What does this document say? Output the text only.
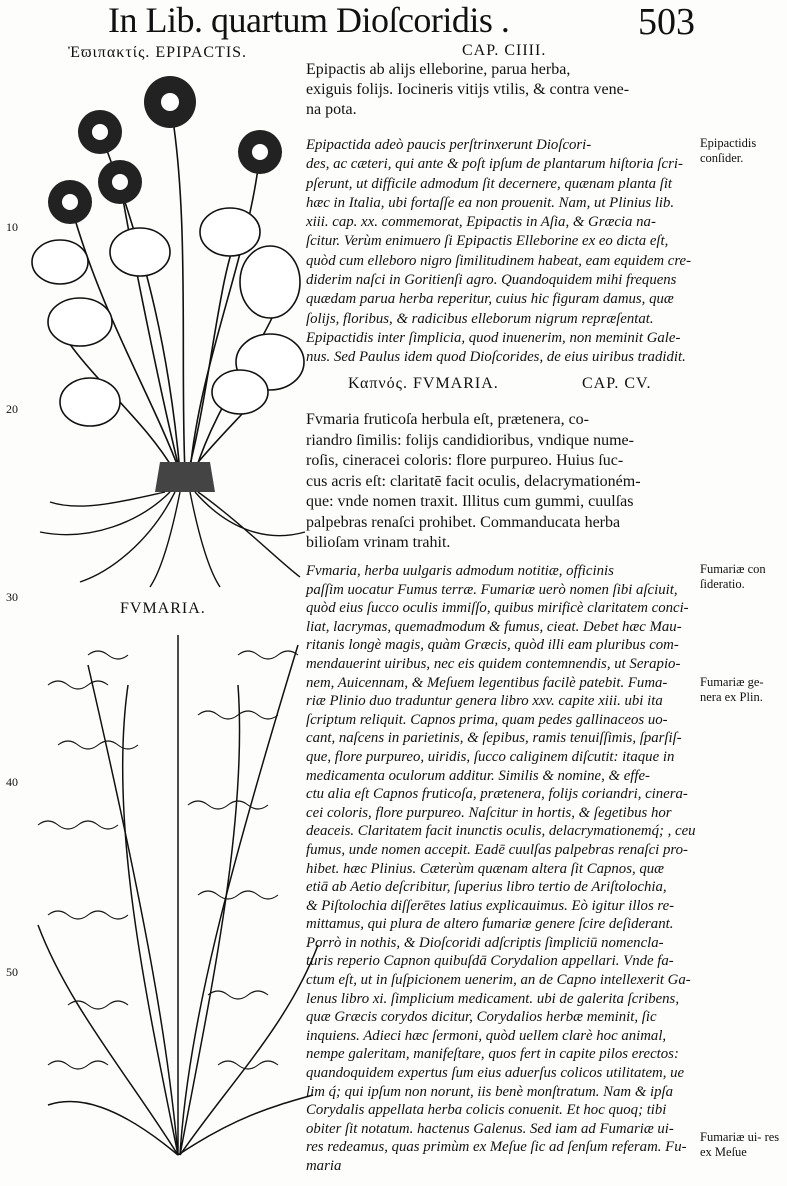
In Lib. quartum Dioſcoridis .	503
Ἐϖιπακτίς. EPIPACTIS.
FVMARIA.
10
20
30
40
50
CAP. CIIII.
Epipactis ab alijs elleborine, parua herba,
exiguis folijs. Iocineris vitijs vtilis, & contra vene-
na pota.
Epipactida adeò paucis perſtrinxerunt Dioſcori-
des, ac cæteri, qui ante & poſt ipſum de plantarum hiſtoria ſcri-
pſerunt, ut difficile admodum ſit decernere, quænam planta ſit
hæc in Italia, ubi fortaſſe ea non prouenit. Nam, ut Plinius lib.
xiii. cap. xx. commemorat, Epipactis in Aſia, & Græcia na-
ſcitur. Verùm enimuero ſi Epipactis Elleborine ex eo dicta eſt,
quòd cum elleboro nigro ſimilitudinem habeat, eam equidem cre-
diderim naſci in Goritienſi agro. Quandoquidem mihi frequens
quædam parua herba reperitur, cuius hic figuram damus, quæ
ſolijs, floribus, & radicibus elleborum nigrum repræſentat.
Epipactidis inter ſimplicia, quod inuenerim, non meminit Gale-
nus. Sed Paulus idem quod Dioſcorides, de eius uiribus tradidit.
Καπνός. FVMARIA.	CAP. CV.
Fvmaria fruticoſa herbula eſt, prætenera, co-
riandro ſimilis: folijs candidioribus, vndique nume-
roſis, cineracei coloris: flore purpureo. Huius ſuc-
cus acris eſt: claritatē facit oculis, delacrymationém-
que: vnde nomen traxit. Illitus cum gummi, cuulſas
palpebras renaſci prohibet. Commanducata herba
bilioſam vrinam trahit.
Fvmaria, herba uulgaris admodum notitiæ, officinis
paſſim uocatur Fumus terræ. Fumariæ uerò nomen ſibi aſciuit,
quòd eius ſucco oculis immiſſo, quibus mirificè claritatem conci-
liat, lacrymas, quemadmodum & fumus, cieat. Debet hæc Mau-
ritanis longè magis, quàm Græcis, quòd illi eam pluribus com-
mendauerint uiribus, nec eis quidem contemnendis, ut Serapio-
nem, Auicennam, & Meſuem legentibus facilè patebit. Fuma-
riæ Plinio duo traduntur genera libro xxv. capite xiii. ubi ita
ſcriptum reliquit. Capnos prima, quam pedes gallinaceos uo-
cant, naſcens in parietinis, & ſepibus, ramis tenuiſſimis, ſparſiſ-
que, flore purpureo, uiridis, ſucco caliginem diſcutit: itaque in
medicamenta oculorum additur. Similis & nomine, & effe-
ctu alia eſt Capnos fruticoſa, prætenera, folijs coriandri, cinera-
cei coloris, flore purpureo. Naſcitur in hortis, & ſegetibus hor
deaceis. Claritatem facit inunctis oculis, delacrymationemq́; , ceu
fumus, unde nomen accepit. Eadē cuulſas palpebras renaſci pro-
hibet. hæc Plinius. Cæterùm quænam altera ſit Capnos, quæ
etiā ab Aetio deſcribitur, ſuperius libro tertio de Ariſtolochia,
& Piſtolochia diſſerētes latius explicauimus. Eò igitur illos re-
mittamus, qui plura de altero fumariæ genere ſcire deſiderant.
Porrò in nothis, & Dioſcoridi adſcriptis ſimpliciū nomencla-
turis reperio Capnon quibuſdā Corydalion appellari. Vnde fa-
ctum eſt, ut in ſuſpicionem uenerim, an de Capno intellexerit Ga-
lenus libro xi. ſimplicium medicament. ubi de galerita ſcribens,
quæ Græcis corydos dicitur, Corydalios herbæ meminit, ſic
inquiens. Adieci hæc ſermoni, quòd uellem clarè hoc animal,
nempe galeritam, manifeſtare, quos fert in capite pilos erectos:
quandoquidem expertus ſum eius aduerſus colicos utilitatem, ue
lim q́; qui ipſum non norunt, iis benè monſtratum. Nam & ipſa
Corydalis appellata herba colicis conuenit. Et hoc quoq; tibi
obiter ſit notatum. hactenus Galenus. Sed iam ad Fumariæ ui-
res redeamus, quas primùm ex Meſue ſic ad ſenſum referam. Fu-
maria
Epipactidis conſider.
Fumariæ con ſideratio.
Fumariæ ge- nera ex Plin.
Fumariæ ui- res ex Meſue
